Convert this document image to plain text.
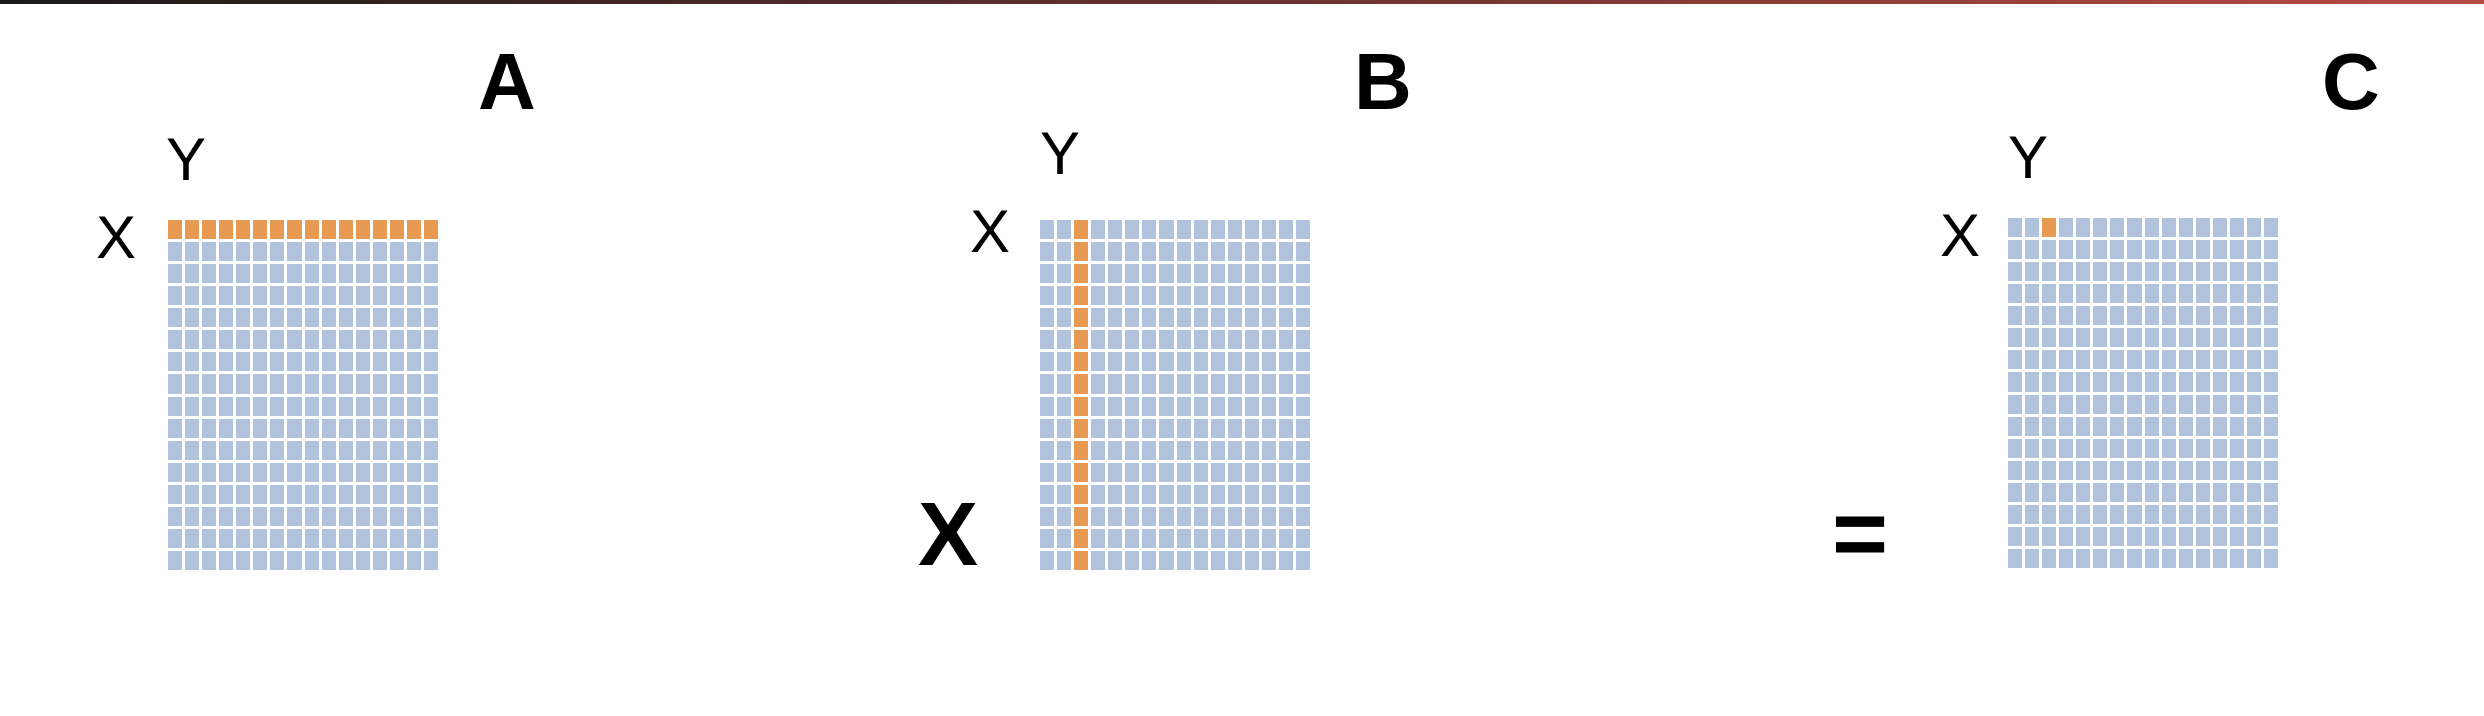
A
Y
X
X
B
Y
X
=
C
Y
X
